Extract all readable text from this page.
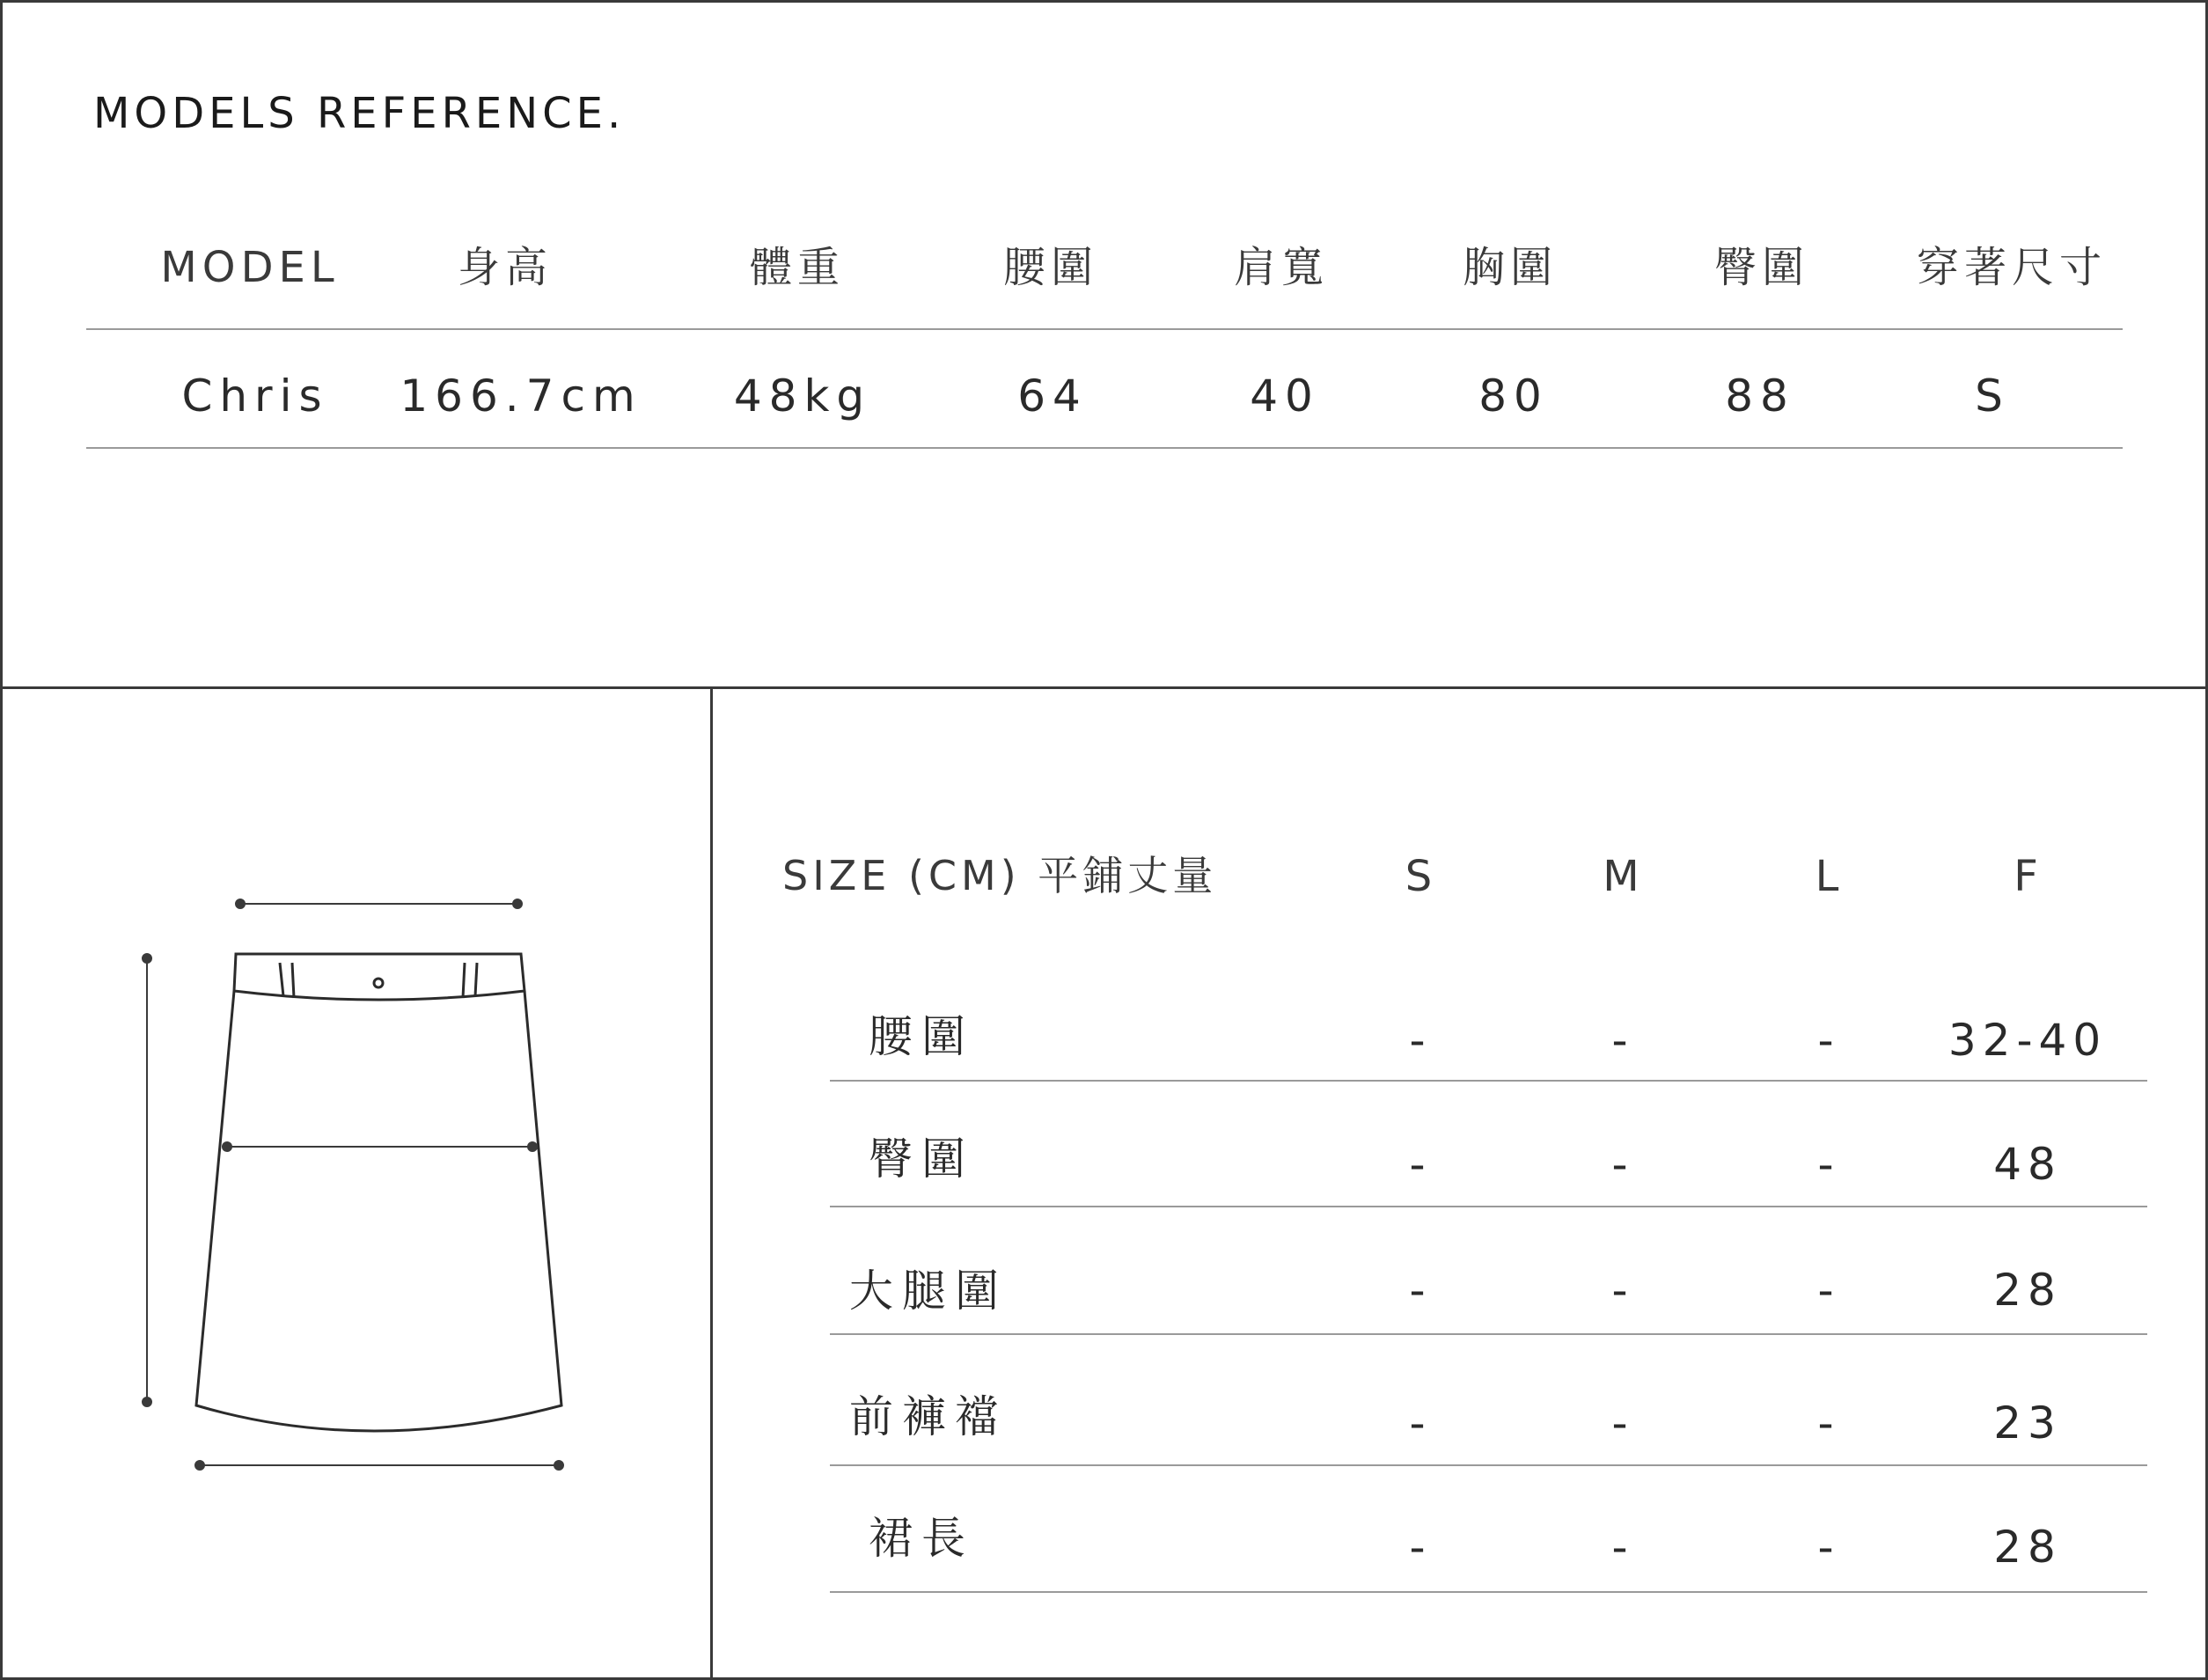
MODELS REFERENCE.
MODEL	身高	體重	腰圍	肩寬	胸圍	臀圍	穿著尺寸
Chris 166.7cm 48kg	64	40	80	88	S
SIZE (CM) 平鋪丈量	S	M	L	F
腰圍	-	-	- 32-40
臀圍	-	-	-	48
大腿圍	-	-	-	28
前褲襠	-	-	-	23
裙長	-	-	-	28
